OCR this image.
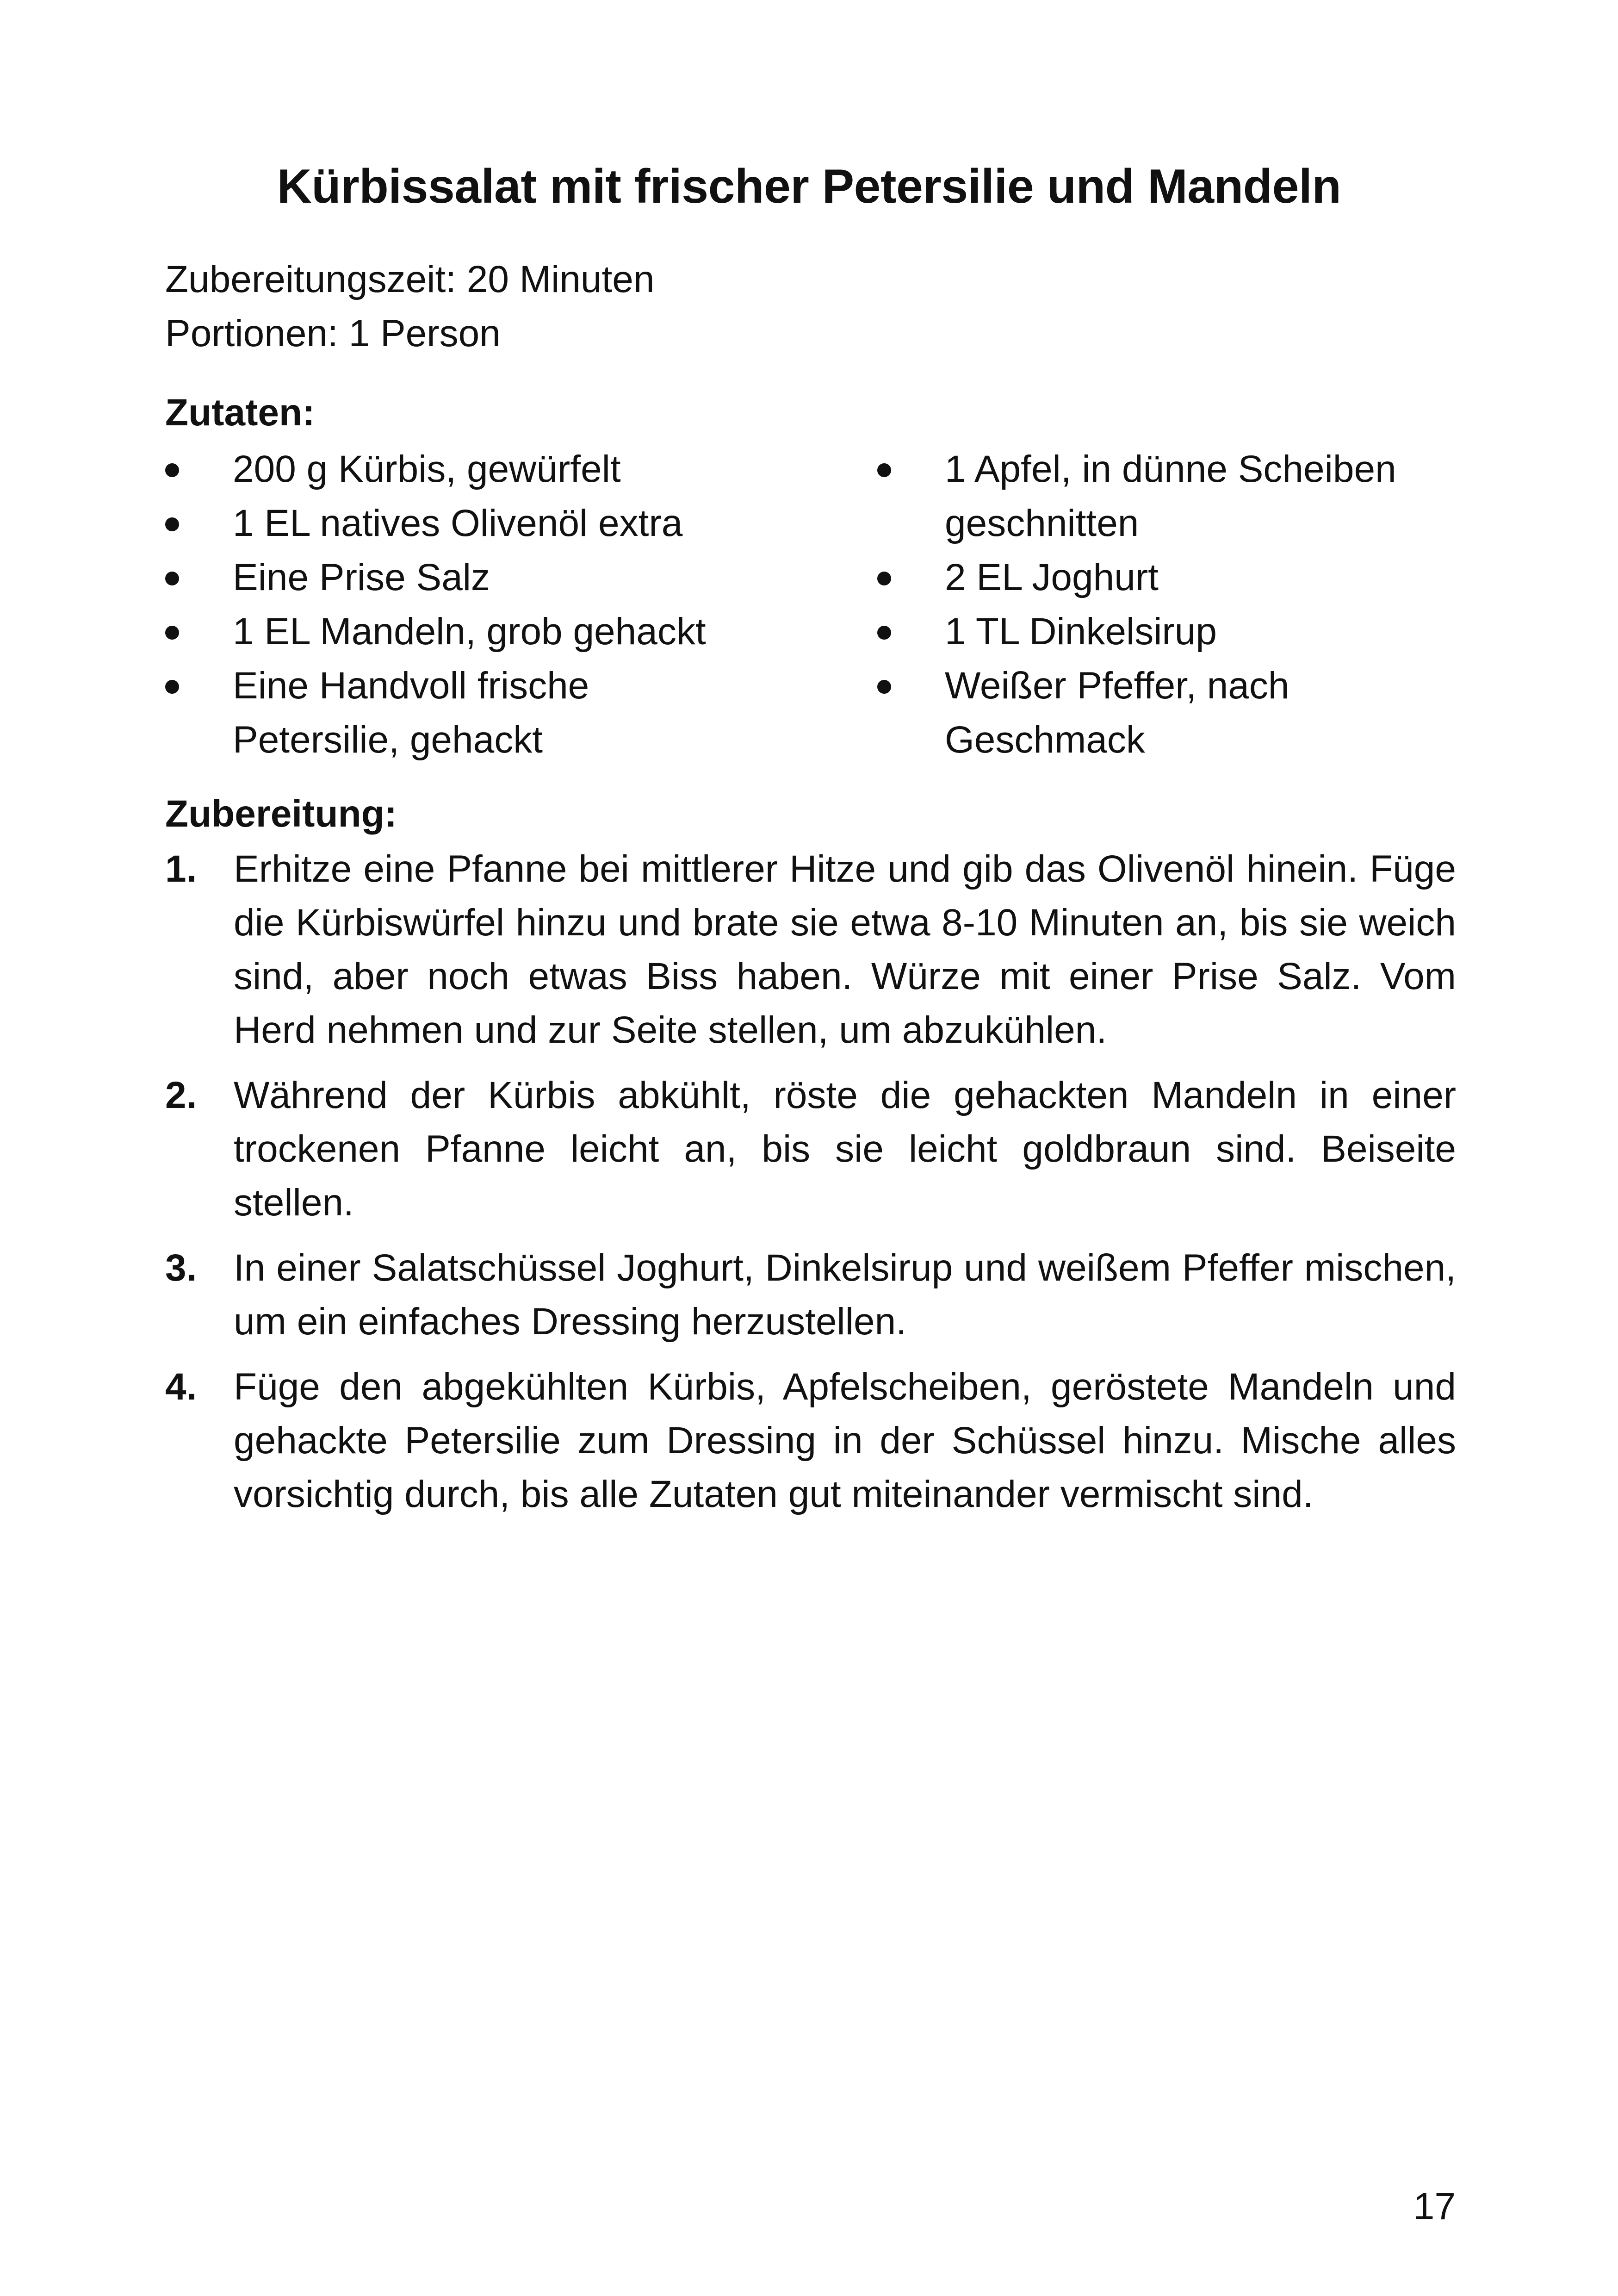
Kürbissalat mit frischer Petersilie und Mandeln
Zubereitungszeit: 20 Minuten
Portionen: 1 Person
Zutaten:
200 g Kürbis, gewürfelt
1 EL natives Olivenöl extra
Eine Prise Salz
1 EL Mandeln, grob gehackt
Eine Handvoll frische Petersilie, gehackt
1 Apfel, in dünne Scheiben geschnitten
2 EL Joghurt
1 TL Dinkelsirup
Weißer Pfeffer, nach Geschmack
Zubereitung:
1. Erhitze eine Pfanne bei mittlerer Hitze und gib das Olivenöl hinein. Füge die Kürbiswürfel hinzu und brate sie etwa 8-10 Minuten an, bis sie weich sind, aber noch etwas Biss haben. Würze mit einer Prise Salz. Vom Herd nehmen und zur Seite stellen, um abzukühlen.
2. Während der Kürbis abkühlt, röste die gehackten Mandeln in einer trockenen Pfanne leicht an, bis sie leicht goldbraun sind. Beiseite stellen.
3. In einer Salatschüssel Joghurt, Dinkelsirup und weißem Pfeffer mischen, um ein einfaches Dressing herzustellen.
4. Füge den abgekühlten Kürbis, Apfelscheiben, geröstete Mandeln und gehackte Petersilie zum Dressing in der Schüssel hinzu. Mische alles vorsichtig durch, bis alle Zutaten gut miteinander vermischt sind.
17
